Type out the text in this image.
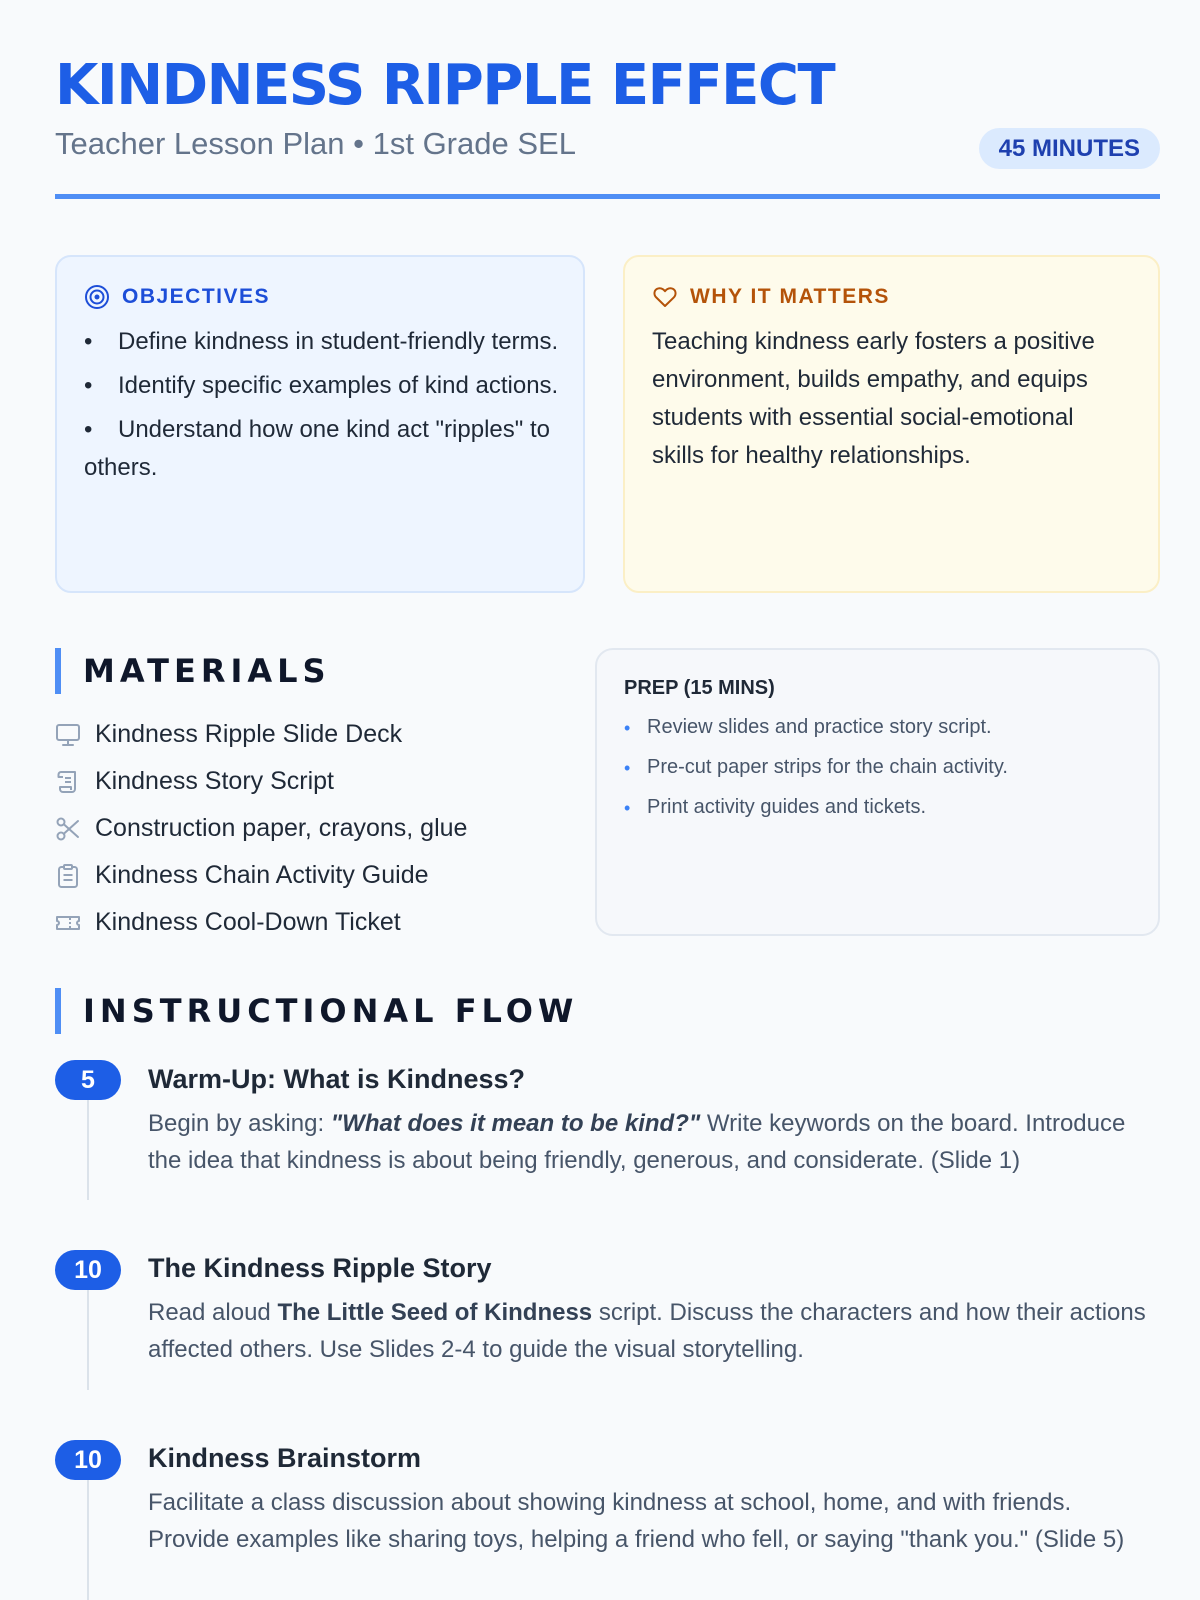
KINDNESS RIPPLE EFFECT
Teacher Lesson Plan • 1st Grade SEL	45 MINUTES
OBJECTIVES
• Define kindness in student-friendly terms.
• Identify specific examples of kind actions.
• Understand how one kind act "ripples" to others.
WHY IT MATTERS

Teaching kindness early fosters a positive environment, builds empathy, and equips students with essential social-emotional skills for healthy relationships.

MATERIALS
Kindness Ripple Slide Deck
Kindness Story Script
Construction paper, crayons, glue
Kindness Chain Activity Guide
Kindness Cool-Down Ticket
PREP (15 MINS)
• Review slides and practice story script.
• Pre-cut paper strips for the chain activity.
• Print activity guides and tickets.
INSTRUCTIONAL FLOW
5	Warm-Up: What is Kindness?

Begin by asking: "What does it mean to be kind?" Write keywords on the board. Introduce the idea that kindness is about being friendly, generous, and considerate. (Slide 1)

10	The Kindness Ripple Story

Read aloud The Little Seed of Kindness script. Discuss the characters and how their actions affected others. Use Slides 2-4 to guide the visual storytelling.

10	Kindness Brainstorm

Facilitate a class discussion about showing kindness at school, home, and with friends. Provide examples like sharing toys, helping a friend who fell, or saying "thank you." (Slide 5)
